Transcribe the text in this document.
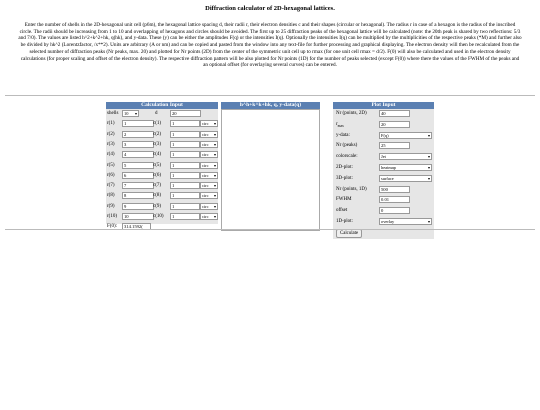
Diffraction calculator of 2D-hexagonal lattices.
Enter the number of shells in the 2D-hexagonal unit cell (p6m), the hexagonal lattice spacing d, their radii r, their electron densities c and their shapes (circular or hexagonal). The radius r in case of a hexagon is the radius of the inscribed circle. The radii should be increasing from 1 to 10 and overlapping of hexagons and circles should be avoided. The first up to 25 diffraction peaks of the hexagonal lattice will be calculated (note: the 20th peak is shared by two reflections: 5/3 and 7/0). The values are listed h^2+k^2+hk, q(hk), and y-data. These (y) can be either the amplitudes F(q) or the intensities I(q). Optionally the intensities I(q) can be multiplied by the multiplicities of the respective peaks (*M) and further also be divided by hk^2 (Lorentzfactor, /x**2). Units are arbitrary (A or nm) and can be copied and pasted from the window into any text-file for further processing and graphical displaying. The electron density will then be recalculated from the selected number of diffraction peaks (Nr peaks, max. 20) and plotted for Nr points (2D) from the center of the symmetric unit cell up to rmax (for one unit cell rmax = d/2). F(0) will also be calculated and used in the electron density calculations (for proper scaling and offset of the electron density). The respective diffraction pattern will be also plotted for Nr points (1D) for the number of peaks selected (except F(0)) where there the values of the FWHM of the peaks and an optional offset (for overlaying several curves) can be entered.
Calculation Input
shells	10 ▾	d	20
r(1)	1	c(1)	1	circ ▾
r(2)	2	c(2)	1	circ ▾
r(3)	3	c(3)	1	circ ▾
r(4)	4	c(4)	1	circ ▾
r(5)	5	c(5)	1	circ ▾
r(6)	6	c(6)	1	circ ▾
r(7)	7	c(7)	1	circ ▾
r(8)	8	c(8)	1	circ ▾
r(9)	9	c(9)	1	circ ▾
r(10)	10	c(10)	1	circ ▾
F(0):	314.1592(
h^h+k^k+hk, q, y-data(q)	Plot Input
Nr (points, 2D)	40
$r_{max}$	20
y-data:	F(q)	▾
Nr (peaks)	25
colorscale:	Jet	▾
2D-plot:	heatmap	▾
3D-plot:	surface	▾
Nr (points, 1D)	500
FWHM	0.01
offset	0
1D-plot:	overlay	▾
Calculate
